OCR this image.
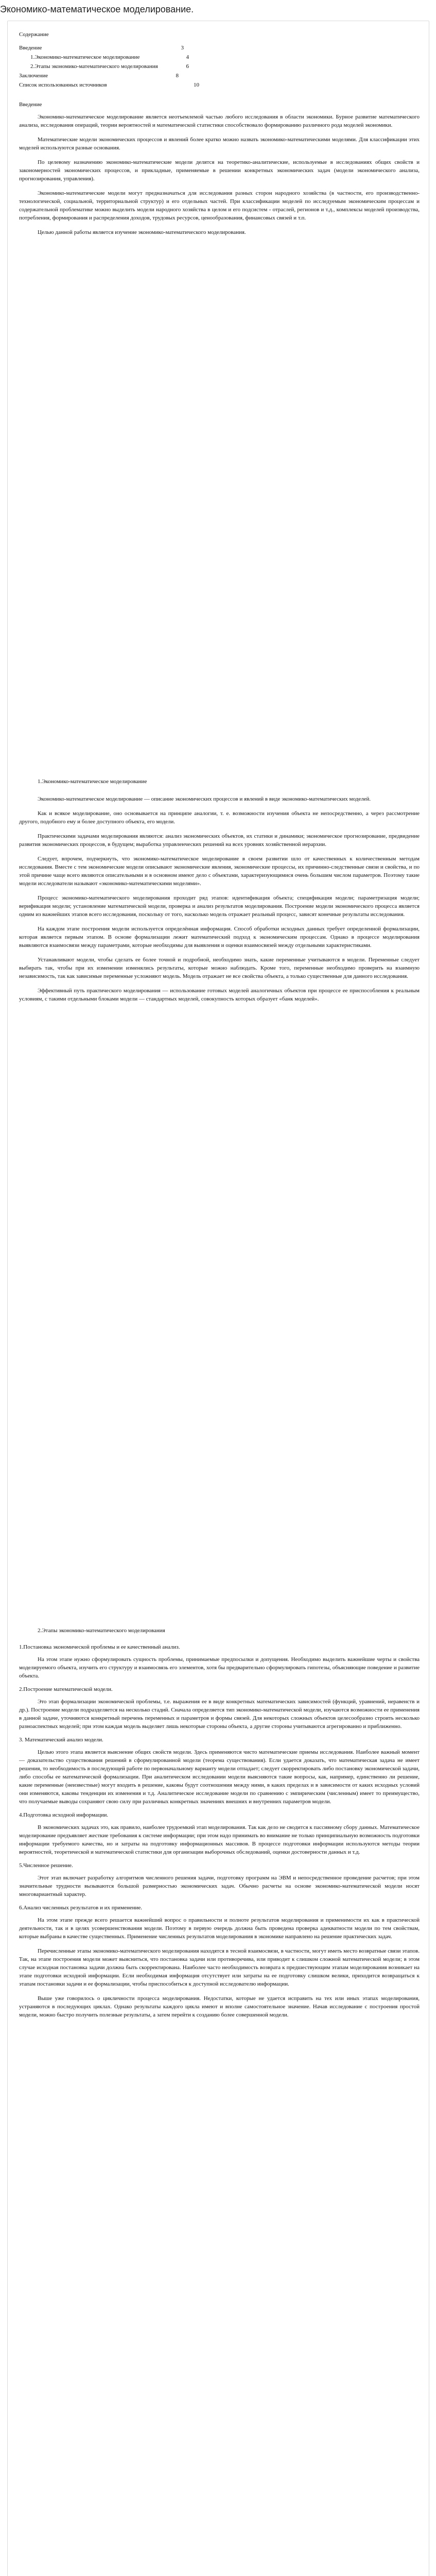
Экономико-математическое моделирование.
Содержание
Введение	3
1.Экономико-математическое моделирование	4
2.Этапы экономико-математического моделирования	6
Заключение	8
Список использованных источников	10
Введение

Экономико-математическое моделирование является неотъемлемой частью любого исследования в области экономики. Бурное развитие математического анализа, исследования операций, теории вероятностей и математической статистики способствовало формированию различного рода моделей экономики.

Математические модели экономических процессов и явлений более кратко можно назвать экономико-математическими моделями. Для классификации этих моделей используются разные основания.

По целевому назначению экономико-математические модели делятся на теоретико-аналитические, используемые в исследованиях общих свойств и закономерностей экономических процессов, и прикладные, применяемые в решении конкретных экономических задач (модели экономического анализа, прогнозирования, управления).

Экономико-математические модели могут предназначаться для исследования разных сторон народного хозяйства (в частности, его производственно-технологической, социальной, территориальной структур) и его отдельных частей. При классификации моделей по исследуемым экономическим процессам и содержательной проблематике можно выделить модели народного хозяйства в целом и его подсистем - отраслей, регионов и т.д., комплексы моделей производства, потребления, формирования и распределения доходов, трудовых ресурсов, ценообразования, финансовых связей и т.п.

Целью данной работы является изучение экономико-математического моделирования.

1.Экономико-математическое моделирование

Экономико-математическое моделирование — описание экономических процессов и явлений в виде экономико-математических моделей.

Как и всякое моделирование, оно основывается на принципе аналогии, т. е. возможности изучения объекта не непосредственно, а через рассмотрение другого, подобного ему и более доступного объекта, его модели.

Практическими задачами моделирования являются: анализ экономических объектов, их статики и динамики; экономическое прогнозирование, предвидение развития экономических процессов, в будущем; выработка управленческих решений на всех уровнях хозяйственной иерархии.

Следует, впрочем, подчеркнуть, что экономико-математическое моделирование в своем развитии шло от качественных к количественным методам исследования. Вместе с тем экономические модели описывают экономические явления, экономические процессы, их причинно-следственные связи и свойства, и по этой причине чаще всего являются описательными и в основном имеют дело с объектами, характеризующимися очень большим числом параметров. Поэтому такие модели исследователи называют «экономико-математическими моделями».

Процесс экономико-математического моделирования проходит ряд этапов: идентификация объекта; спецификация модели; параметризация модели; верификация модели; установление математической модели, проверка и анализ результатов моделирования. Построение модели экономического процесса является одним из важнейших этапов всего исследования, поскольку от того, насколько модель отражает реальный процесс, зависят конечные результаты исследования.

На каждом этапе построения модели используется определённая информация. Способ обработки исходных данных требует определенной формализации, которая является первым этапом. В основе формализации лежит математический подход к экономическим процессам. Однако в процессе моделирования выявляются взаимосвязи между параметрами, которые необходимы для выявления и оценки взаимосвязей между отдельными характеристиками.

Устанавливают модели, чтобы сделать ее более точной и подробной, необходимо знать, какие переменные учитываются в модели. Переменные следует выбирать так, чтобы при их изменении изменялись результаты, которые можно наблюдать. Кроме того, переменные необходимо проверить на взаимную независимость, так как зависимые переменные усложняют модель. Модель отражает не все свойства объекта, а только существенные для данного исследования.

Эффективный путь практического моделирования — использование готовых моделей аналогичных объектов при процессе ее приспособления к реальным условиям, с такими отдельными блоками модели — стандартных моделей, совокупность которых образует «банк моделей».

2.Этапы экономико-математического моделирования
1.Постановка экономической проблемы и ее качественный анализ.

На этом этапе нужно сформулировать сущность проблемы, принимаемые предпосылки и допущения. Необходимо выделить важнейшие черты и свойства моделируемого объекта, изучить его структуру и взаимосвязь его элементов, хотя бы предварительно сформулировать гипотезы, объясняющие поведение и развитие объекта.

2.Построение математической модели.

Это этап формализации экономической проблемы, т.е. выражения ее в виде конкретных математических зависимостей (функций, уравнений, неравенств и др.). Построение модели подразделяется на несколько стадий. Сначала определяется тип экономико-математической модели, изучаются возможности ее применения в данной задаче, уточняются конкретный перечень переменных и параметров и формы связей. Для некоторых сложных объектов целесообразно строить несколько разноаспектных моделей; при этом каждая модель выделяет лишь некоторые стороны объекта, а другие стороны учитываются агрегированно и приближенно.

3. Математический анализ модели.

Целью этого этапа является выяснение общих свойств модели. Здесь применяются чисто математические приемы исследования. Наиболее важный момент — доказательство существования решений в сформулированной модели (теорема существования). Если удается доказать, что математическая задача не имеет решения, то необходимость в последующей работе по первоначальному варианту модели отпадает; следует скорректировать либо постановку экономической задачи, либо способы ее математической формализации. При аналитическом исследовании модели выясняются такие вопросы, как, например, единственно ли решение, какие переменные (неизвестные) могут входить в решение, каковы будут соотношения между ними, в каких пределах и в зависимости от каких исходных условий они изменяются, каковы тенденции их изменения и т.д. Аналитическое исследование модели по сравнению с эмпирическим (численным) имеет то преимущество, что получаемые выводы сохраняют свою силу при различных конкретных значениях внешних и внутренних параметров модели.

4.Подготовка исходной информации.

В экономических задачах это, как правило, наиболее трудоемкий этап моделирования. Так как дело не сводится к пассивному сбору данных. Математическое моделирование предъявляет жесткие требования к системе информации; при этом надо принимать во внимание не только принципиальную возможность подготовки информации требуемого качества, но и затраты на подготовку информационных массивов. В процессе подготовки информации используются методы теории вероятностей, теоретической и математической статистики для организации выборочных обследований, оценки достоверности данных и т.д.

5.Численное решение.

Этот этап включает разработку алгоритмов численного решения задачи, подготовку программ на ЭВМ и непосредственное проведение расчетов; при этом значительные трудности вызываются большой размерностью экономических задач. Обычно расчеты на основе экономико-математической модели носят многовариантный характер.

6.Анализ численных результатов и их применение.

На этом этапе прежде всего решается важнейший вопрос о правильности и полноте результатов моделирования и применимости их как в практической деятельности, так и в целях усовершенствования модели. Поэтому в первую очередь должна быть проведена проверка адекватности модели по тем свойствам, которые выбраны в качестве существенных. Применение численных результатов моделирования в экономике направлено на решение практических задач.

Перечисленные этапы экономико-математического моделирования находятся в тесной взаимосвязи, в частности, могут иметь место возвратные связи этапов. Так, на этапе построения модели может выясниться, что постановка задачи или противоречива, или приводит к слишком сложной математической модели; в этом случае исходная постановка задачи должна быть скорректирована. Наиболее часто необходимость возврата к предшествующим этапам моделирования возникает на этапе подготовки исходной информации. Если необходимая информация отсутствует или затраты на ее подготовку слишком велики, приходится возвращаться к этапам постановки задачи и ее формализации, чтобы приспособиться к доступной исследователю информации.

Выше уже говорилось о цикличности процесса моделирования. Недостатки, которые не удается исправить на тех или иных этапах моделирования, устраняются в последующих циклах. Однако результаты каждого цикла имеют и вполне самостоятельное значение. Начав исследование с построения простой модели, можно быстро получить полезные результаты, а затем перейти к созданию более совершенной модели.
